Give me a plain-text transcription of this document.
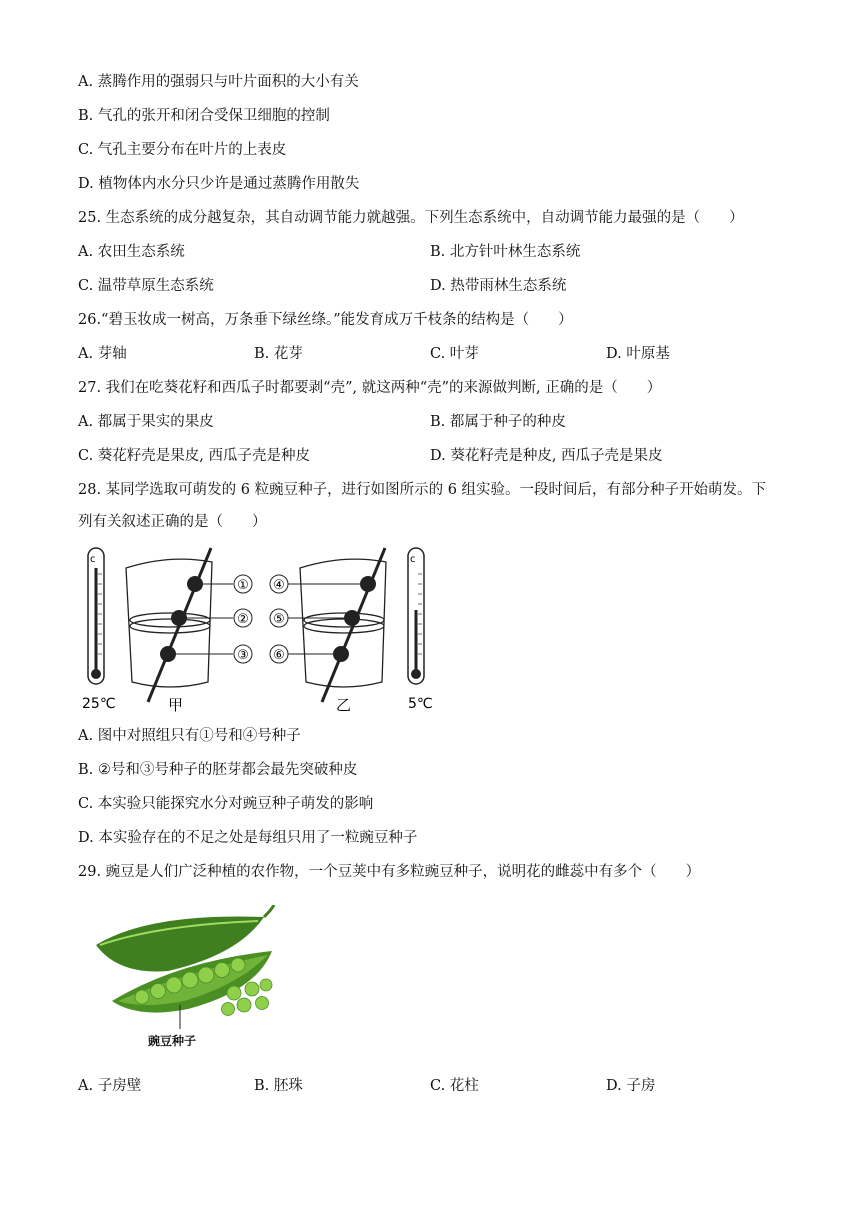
A. 蒸腾作用的强弱只与叶片面积的大小有关
B. 气孔的张开和闭合受保卫细胞的控制
C. 气孔主要分布在叶片的上表皮
D. 植物体内水分只少许是通过蒸腾作用散失
25. 生态系统的成分越复杂，其自动调节能力就越强。下列生态系统中，自动调节能力最强的是（　　）
A. 农田生态系统	B. 北方针叶林生态系统
C. 温带草原生态系统	D. 热带雨林生态系统
26.“碧玉妆成一树高，万条垂下绿丝绦。”能发育成万千枝条的结构是（　　）
A. 芽轴	B. 花芽	C. 叶芽	D. 叶原基
27. 我们在吃葵花籽和西瓜子时都要剥“壳”, 就这两种“壳”的来源做判断, 正确的是（　　）
A. 都属于果实的果皮	B. 都属于种子的种皮
C. 葵花籽壳是果皮, 西瓜子壳是种皮	D. 葵花籽壳是种皮, 西瓜子壳是果皮
28. 某同学选取可萌发的 6 粒豌豆种子，进行如图所示的 6 组实验。一段时间后，有部分种子开始萌发。下
列有关叙述正确的是（　　）
c
25℃
①
②
③
甲
④
⑤
⑥
乙
c
5℃
A. 图中对照组只有①号和④号种子
B. ②号和③号种子的胚芽都会最先突破种皮
C. 本实验只能探究水分对豌豆种子萌发的影响
D. 本实验存在的不足之处是每组只用了一粒豌豆种子
29. 豌豆是人们广泛种植的农作物，一个豆荚中有多粒豌豆种子，说明花的雌蕊中有多个（　　）
豌豆种子
A. 子房壁	B. 胚珠	C. 花柱	D. 子房
